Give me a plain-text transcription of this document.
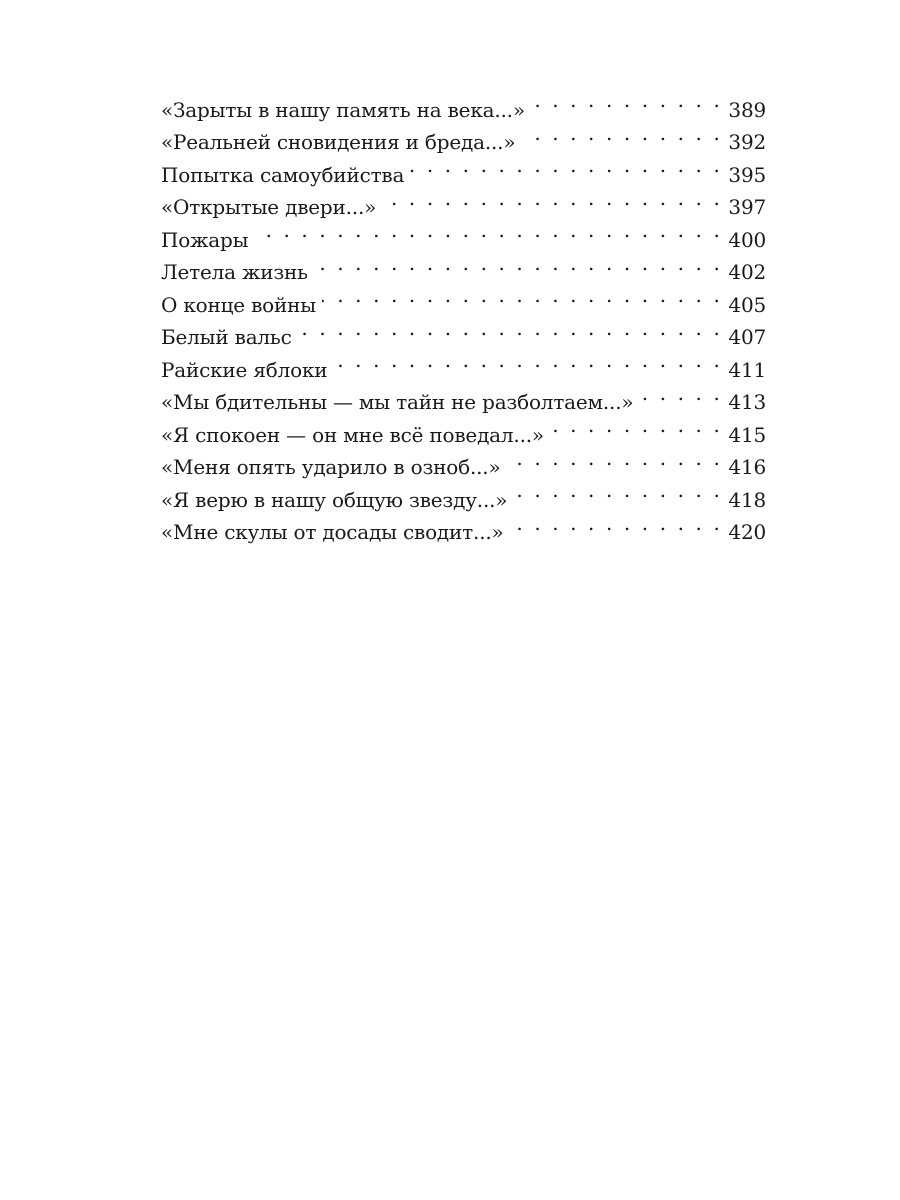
«Зарыты в нашу память на века...» . . .	389
«Реальней сновидения и бреда...» . . .	392
Попытка самоубийства . . .	395
«Открытые двери...» . . .	397
Пожары . . .	400
Летела жизнь . . .	402
О конце войны . . .	405
Белый вальс . . .	407
Райские яблоки . . .	411
«Мы бдительны — мы тайн не разболтаем...» . . .	413
«Я спокоен — он мне всё поведал...» . . .	415
«Меня опять ударило в озноб...» . . .	416
«Я верю в нашу общую звезду...» . . .	418
«Мне скулы от досады сводит...» . . .	420
